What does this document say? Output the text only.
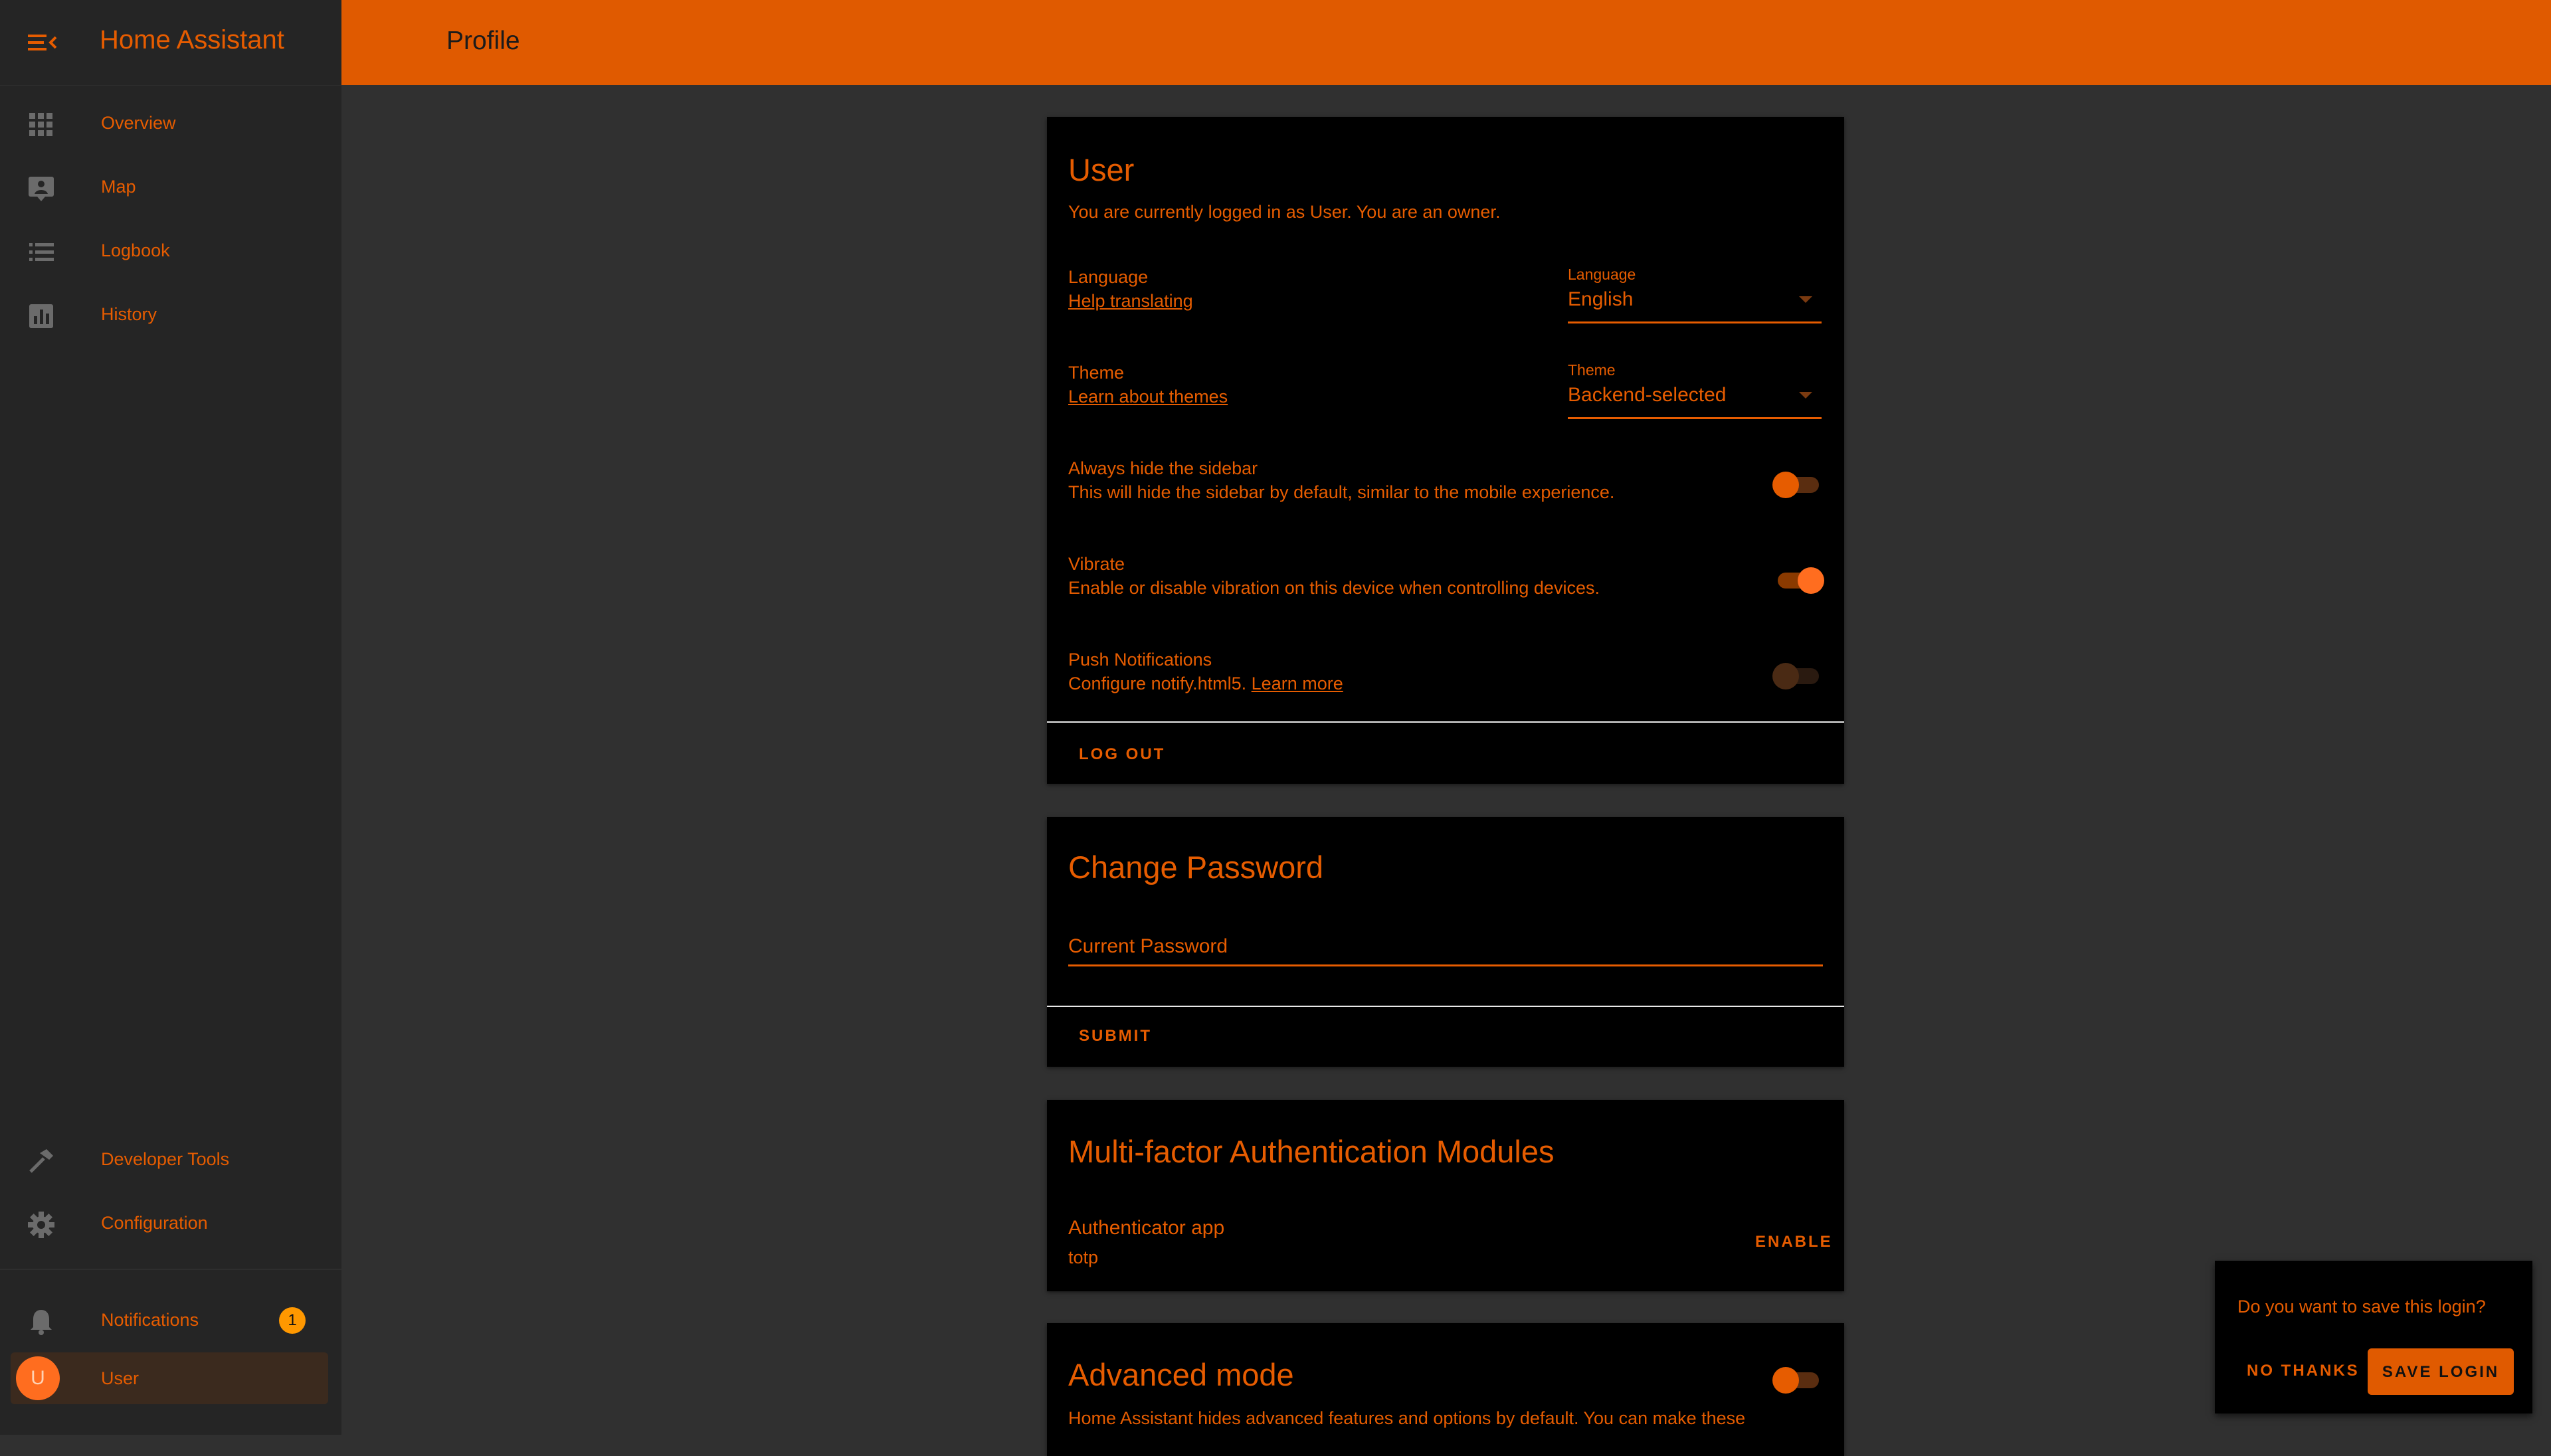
Home Assistant
Overview
Map
Logbook
History
Developer Tools
Configuration
Notifications	1
U	User
Profile
User
You are currently logged in as User. You are an owner.
Language
Help translating
Theme
Learn about themes
Always hide the sidebar
This will hide the sidebar by default, similar to the mobile experience.
Vibrate
Enable or disable vibration on this device when controlling devices.
Push Notifications
Configure notify.html5. Learn more
LOG OUT
Language
English
Theme
Backend-selected
Change Password
Current Password
SUBMIT
Multi-factor Authentication Modules
Authenticator app
totp
ENABLE
Advanced mode
Home Assistant hides advanced features and options by default. You can make these
Do you want to save this login?
NO THANKS	SAVE LOGIN
